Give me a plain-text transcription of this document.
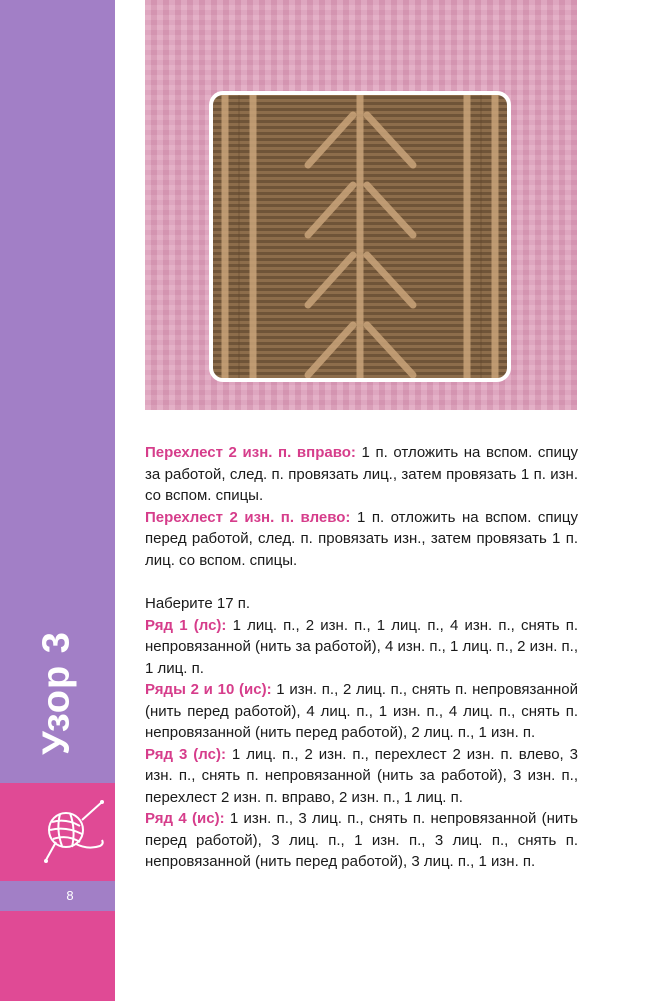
Узор 3
8

Перехлест 2 изн. п. вправо: 1 п. отложить на вспом. спицу за работой, след. п. провязать лиц., затем провязать 1 п. изн. со вспом. спицы.

Перехлест 2 изн. п. влево: 1 п. отложить на вспом. спицу перед работой, след. п. провязать изн., затем провязать 1 п. лиц. со вспом. спицы.

Наберите 17 п.

Ряд 1 (лс): 1 лиц. п., 2 изн. п., 1 лиц. п., 4 изн. п., снять п. непровязанной (нить за работой), 4 изн. п., 1 лиц. п., 2 изн. п., 1 лиц. п.

Ряды 2 и 10 (ис): 1 изн. п., 2 лиц. п., снять п. непровязанной (нить перед работой), 4 лиц. п., 1 изн. п., 4 лиц. п., снять п. непровязанной (нить перед работой), 2 лиц. п., 1 изн. п.

Ряд 3 (лс): 1 лиц. п., 2 изн. п., перехлест 2 изн. п. влево, 3 изн. п., снять п. непровязанной (нить за работой), 3 изн. п., перехлест 2 изн. п. вправо, 2 изн. п., 1 лиц. п.

Ряд 4 (ис): 1 изн. п., 3 лиц. п., снять п. непровязанной (нить перед работой), 3 лиц. п., 1 изн. п., 3 лиц. п., снять п. непровязанной (нить перед работой), 3 лиц. п., 1 изн. п.
